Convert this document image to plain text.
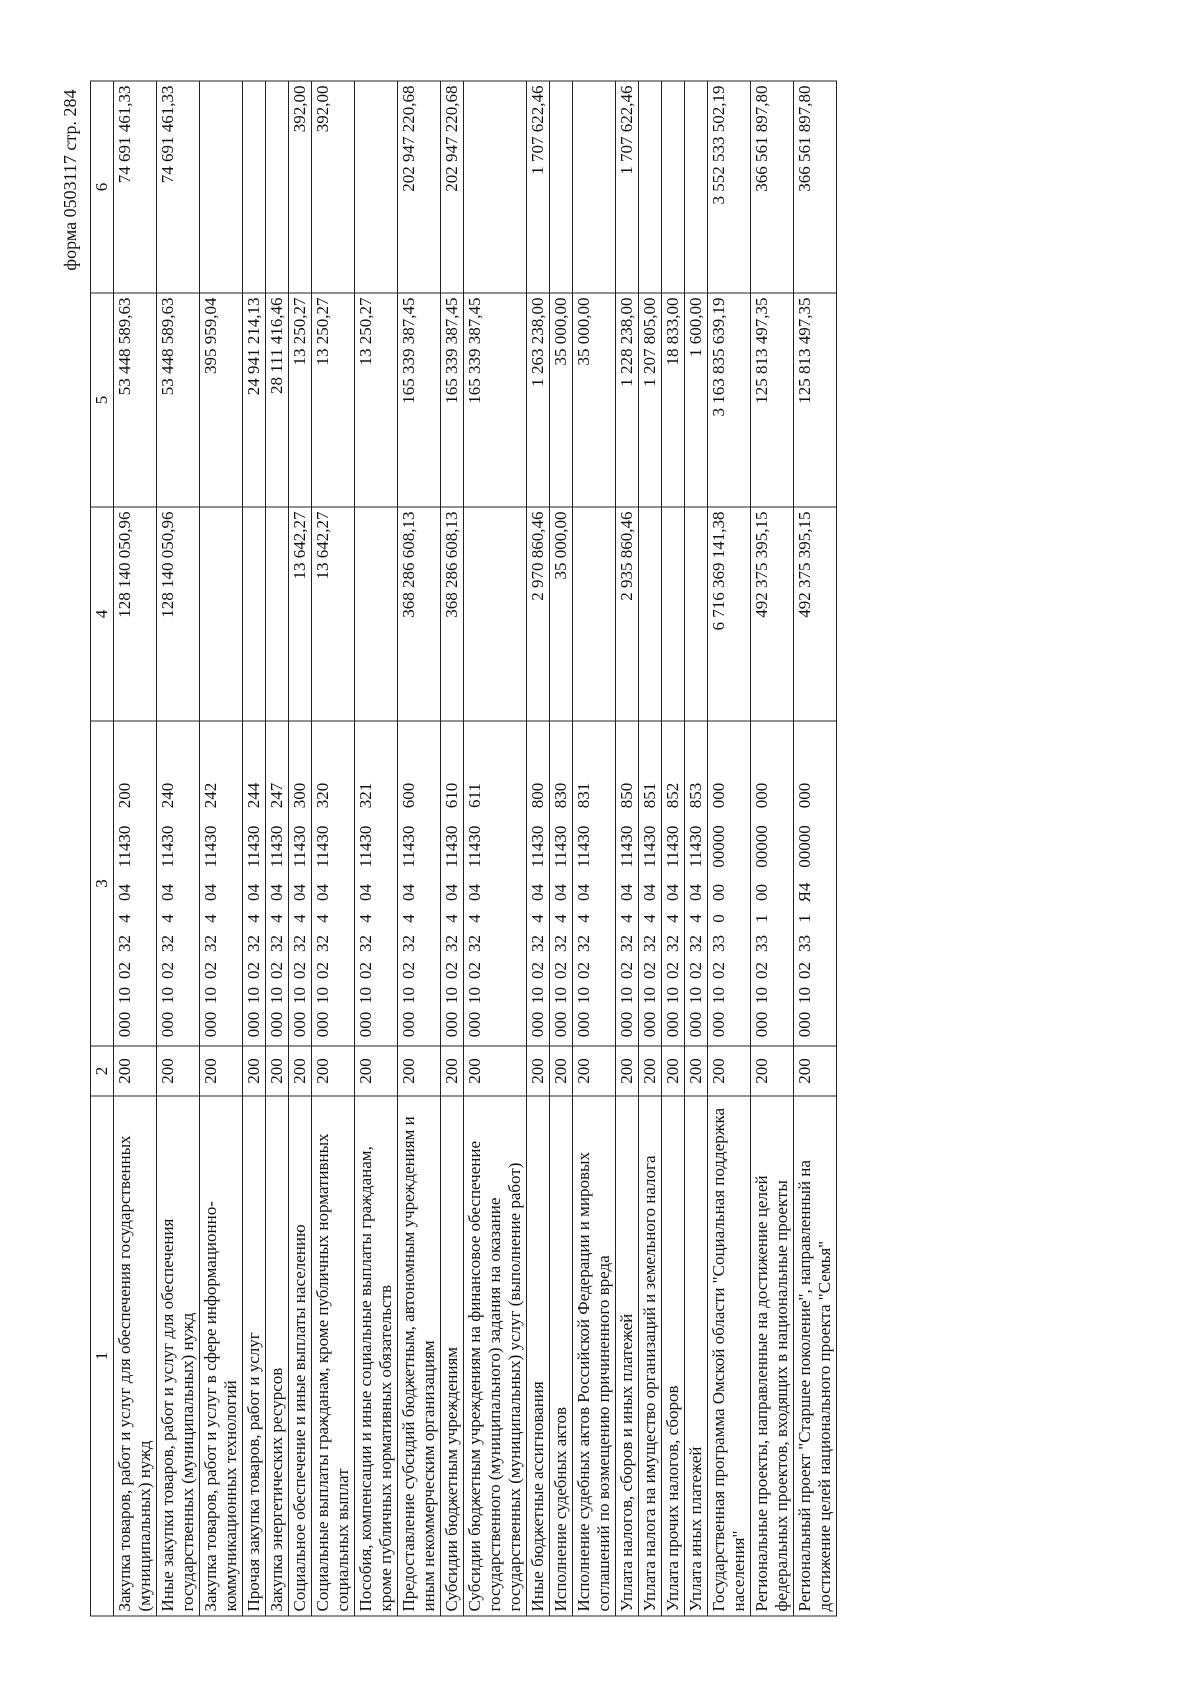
форма 0503117 стр. 284
1	2	3	4	5	6
Закупка товаров, работ и услуг для обеспечения государственных (муниципальных) нужд	200	00010023240411430200	128 140 050,96	53 448 589,63	74 691 461,33
Иные закупки товаров, работ и услуг для обеспечения государственных (муниципальных) нужд	200	00010023240411430240	128 140 050,96	53 448 589,63	74 691 461,33
Закупка товаров, работ и услуг в сфере информационно-коммуникационных технологий	200	00010023240411430242		395 959,04	
Прочая закупка товаров, работ и услуг	200	00010023240411430244		24 941 214,13	
Закупка энергетических ресурсов	200	00010023240411430247		28 111 416,46	
Социальное обеспечение и иные выплаты населению	200	00010023240411430300	13 642,27	13 250,27	392,00
Социальные выплаты гражданам, кроме публичных нормативных социальных выплат	200	00010023240411430320	13 642,27	13 250,27	392,00
Пособия, компенсации и иные социальные выплаты гражданам, кроме публичных нормативных обязательств	200	00010023240411430321		13 250,27	
Предоставление субсидий бюджетным, автономным учреждениям и иным некоммерческим организациям	200	00010023240411430600	368 286 608,13	165 339 387,45	202 947 220,68
Субсидии бюджетным учреждениям	200	00010023240411430610	368 286 608,13	165 339 387,45	202 947 220,68
Субсидии бюджетным учреждениям на финансовое обеспечение государственного (муниципального) задания на оказание государственных (муниципальных) услуг (выполнение работ)	200	00010023240411430611		165 339 387,45	
Иные бюджетные ассигнования	200	00010023240411430800	2 970 860,46	1 263 238,00	1 707 622,46
Исполнение судебных актов	200	00010023240411430830	35 000,00	35 000,00	
Исполнение судебных актов Российской Федерации и мировых соглашений по возмещению причиненного вреда	200	00010023240411430831		35 000,00	
Уплата налогов, сборов и иных платежей	200	00010023240411430850	2 935 860,46	1 228 238,00	1 707 622,46
Уплата налога на имущество организаций и земельного налога	200	00010023240411430851		1 207 805,00	
Уплата прочих налогов, сборов	200	00010023240411430852		18 833,00	
Уплата иных платежей	200	00010023240411430853		1 600,00	
Государственная программа Омской области "Социальная поддержка населения"	200	00010023300000000000	6 716 369 141,38	3 163 835 639,19	3 552 533 502,19
Региональные проекты, направленные на достижение целей федеральных проектов, входящих в национальные проекты	200	00010023310000000000	492 375 395,15	125 813 497,35	366 561 897,80
Региональный проект "Старшее поколение", направленный на достижение целей национального проекта "Семья"	200	0001002331Я400000000	492 375 395,15	125 813 497,35	366 561 897,80
